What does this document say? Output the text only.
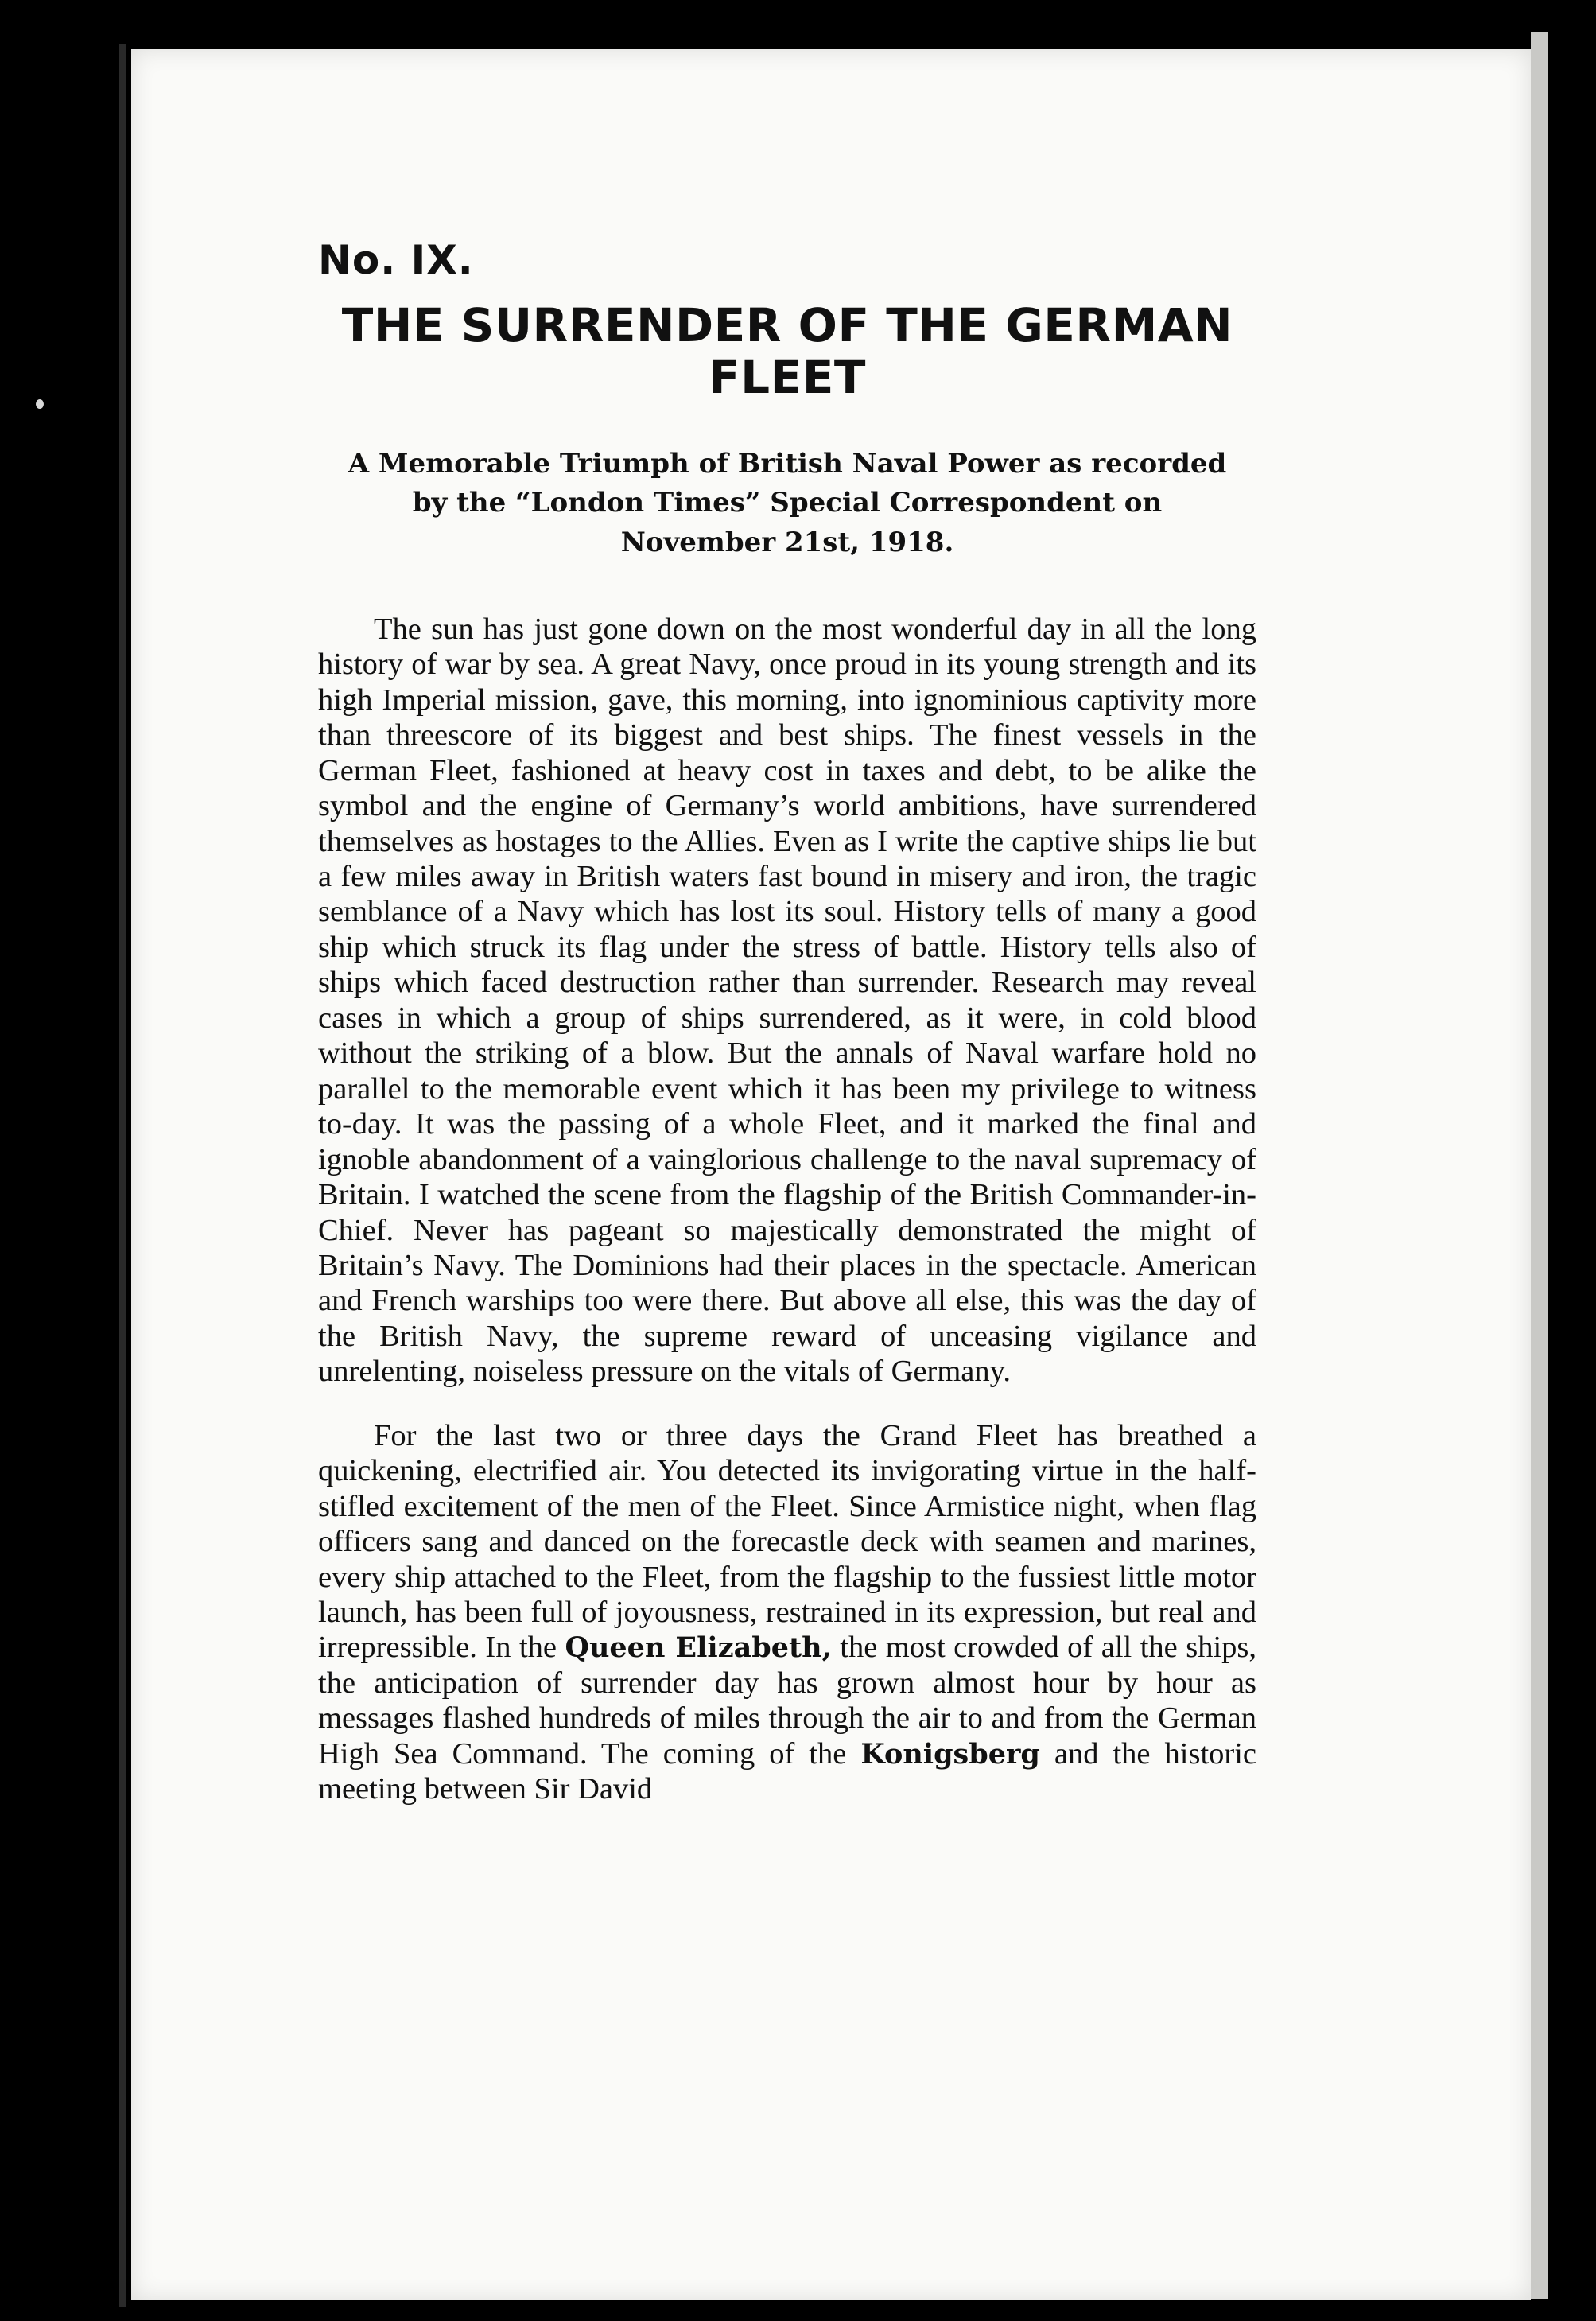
No. IX.

THE SURRENDER OF THE GERMAN FLEET

A Memorable Triumph of British Naval Power as recorded by the “London Times” Special Correspondent on November 21st, 1918.

The sun has just gone down on the most wonderful day in all the long history of war by sea. A great Navy, once proud in its young strength and its high Imperial mission, gave, this morning, into ignominious captivity more than threescore of its biggest and best ships. The finest vessels in the German Fleet, fashioned at heavy cost in taxes and debt, to be alike the symbol and the engine of Germany’s world ambitions, have surrendered themselves as hostages to the Allies. Even as I write the captive ships lie but a few miles away in British waters fast bound in misery and iron, the tragic semblance of a Navy which has lost its soul. History tells of many a good ship which struck its flag under the stress of battle. History tells also of ships which faced destruction rather than surrender. Research may reveal cases in which a group of ships surrendered, as it were, in cold blood without the striking of a blow. But the annals of Naval warfare hold no parallel to the memorable event which it has been my privilege to witness to-day. It was the passing of a whole Fleet, and it marked the final and ignoble abandonment of a vainglorious challenge to the naval supremacy of Britain. I watched the scene from the flagship of the British Commander-in-Chief. Never has pageant so majestically demonstrated the might of Britain’s Navy. The Dominions had their places in the spectacle. American and French warships too were there. But above all else, this was the day of the British Navy, the supreme reward of unceasing vigilance and unrelenting, noiseless pressure on the vitals of Germany.

For the last two or three days the Grand Fleet has breathed a quickening, electrified air. You detected its invigorating virtue in the half-stifled excitement of the men of the Fleet. Since Armistice night, when flag officers sang and danced on the forecastle deck with seamen and marines, every ship attached to the Fleet, from the flagship to the fussiest little motor launch, has been full of joyousness, restrained in its expression, but real and irrepressible. In the Queen Elizabeth, the most crowded of all the ships, the anticipation of surrender day has grown almost hour by hour as messages flashed hundreds of miles through the air to and from the German High Sea Command. The coming of the Konigsberg and the historic meeting between Sir David
